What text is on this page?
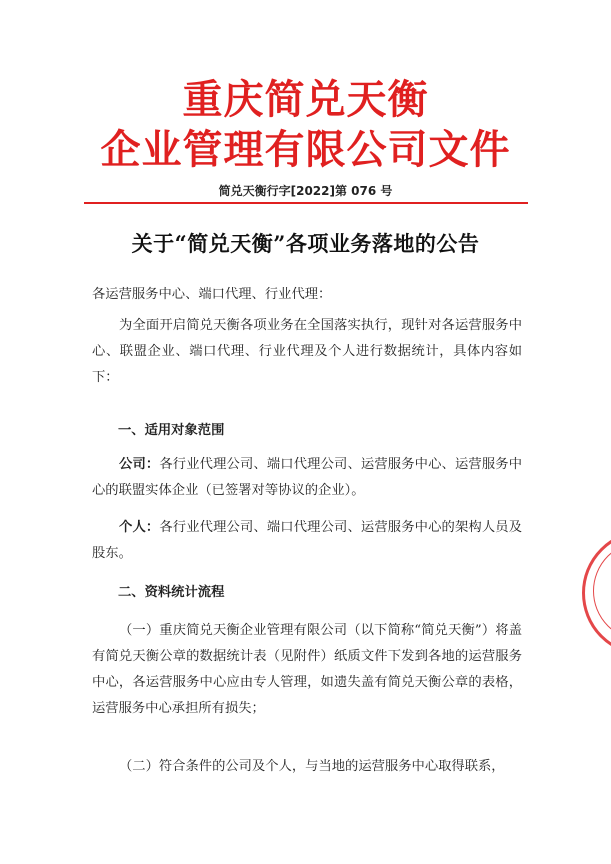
重庆简兑天衡
企业管理有限公司文件
简兑天衡行字[2022]第 076 号
关于“简兑天衡”各项业务落地的公告
各运营服务中心、端口代理、行业代理：
为全面开启简兑天衡各项业务在全国落实执行，现针对各运营服务中心、联盟企业、端口代理、行业代理及个人进行数据统计，具体内容如下：
一、适用对象范围
公司：各行业代理公司、端口代理公司、运营服务中心、运营服务中心的联盟实体企业（已签署对等协议的企业）。
个人：各行业代理公司、端口代理公司、运营服务中心的架构人员及股东。
二、资料统计流程
（一）重庆简兑天衡企业管理有限公司（以下简称“简兑天衡”）将盖有简兑天衡公章的数据统计表（见附件）纸质文件下发到各地的运营服务中心，各运营服务中心应由专人管理，如遗失盖有简兑天衡公章的表格，运营服务中心承担所有损失；
（二）符合条件的公司及个人，与当地的运营服务中心取得联系，
